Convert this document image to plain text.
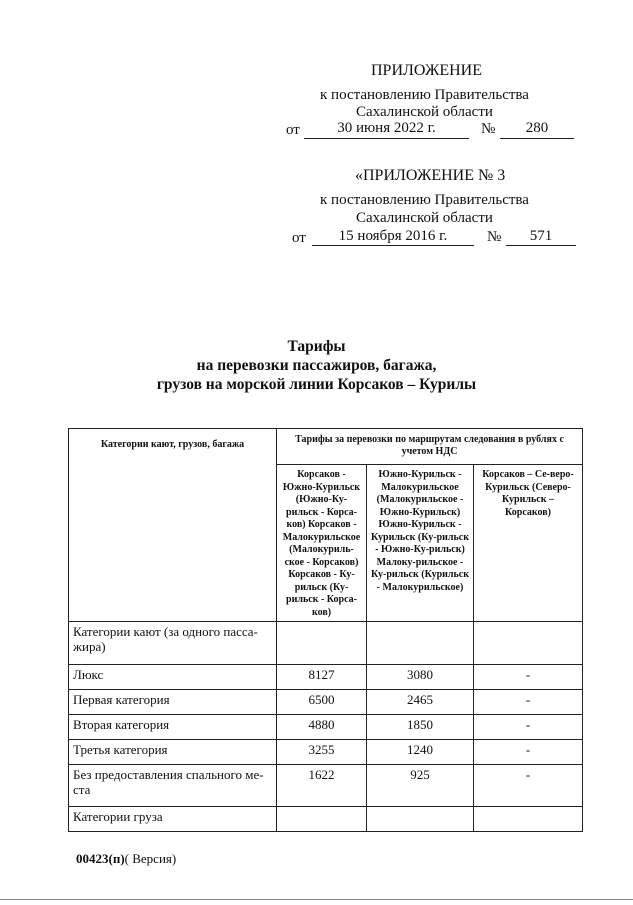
ПРИЛОЖЕНИЕ
к постановлению Правительства
Сахалинской области
от	30 июня 2022 г.	№	280
«ПРИЛОЖЕНИЕ № 3
к постановлению Правительства
Сахалинской области
от	15 ноября 2016 г.	№	571
Тарифы
на перевозки пассажиров, багажа,
грузов на морской линии Корсаков – Курилы
Категории кают, грузов, багажа	Тарифы за перевозки по маршрутам следования в рублях с учетом НДС		
	Корсаков - Южно-Курильск (Южно-Ку-рильск - Корса-ков) Корсаков - Малокурильское (Малокуриль-ское - Корсаков) Корсаков - Ку-рильск (Ку-рильск - Корса-ков)	Южно-Курильск - Малокурильское (Малокурильское - Южно-Курильск) Южно-Курильск - Курильск (Ку-рильск - Южно-Ку-рильск) Малоку-рильское - Ку-рильск (Курильск - Малокурильское)	Корсаков – Се-веро-Курильск (Северо-Курильск – Корсаков)
Категории кают (за одного пасса-жира)			
Люкс	8127	3080	-
Первая категория	6500	2465	-
Вторая категория	4880	1850	-
Третья категория	3255	1240	-
Без предоставления спального ме-ста	1622	925	-
Категории груза			
00423(п)( Версия)
